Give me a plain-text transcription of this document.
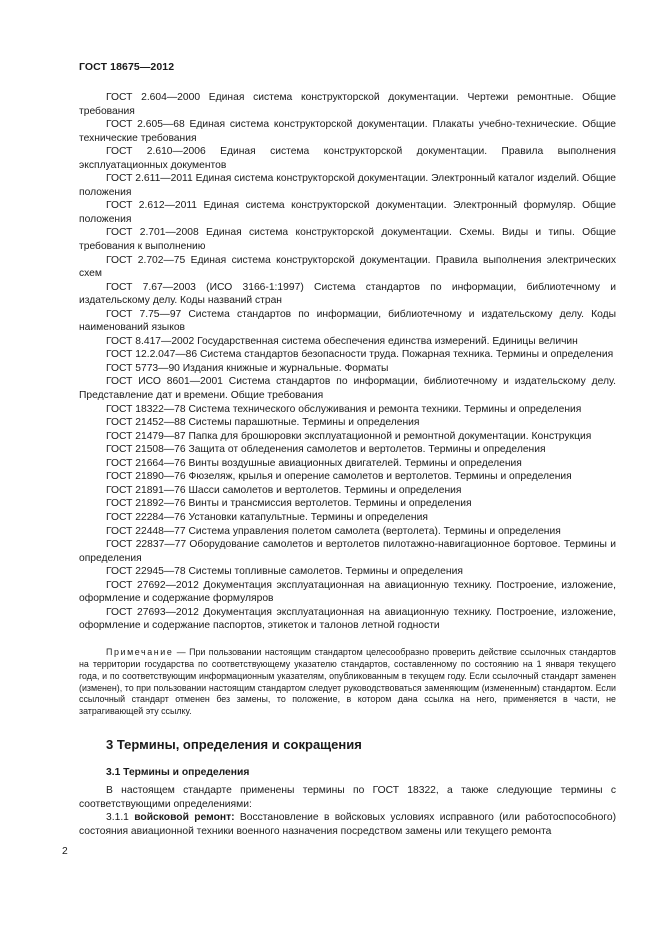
ГОСТ 18675—2012

ГОСТ 2.604—2000 Единая система конструкторской документации. Чертежи ремонтные. Общие требования

ГОСТ 2.605—68 Единая система конструкторской документации. Плакаты учебно-технические. Общие технические требования

ГОСТ 2.610—2006 Единая система конструкторской документации. Правила выполнения эксплуатационных документов

ГОСТ 2.611—2011 Единая система конструкторской документации. Электронный каталог изделий. Общие положения

ГОСТ 2.612—2011 Единая система конструкторской документации. Электронный формуляр. Общие положения

ГОСТ 2.701—2008 Единая система конструкторской документации. Схемы. Виды и типы. Общие требования к выполнению

ГОСТ 2.702—75 Единая система конструкторской документации. Правила выполнения электрических схем

ГОСТ 7.67—2003 (ИСО 3166-1:1997) Система стандартов по информации, библиотечному и издательскому делу. Коды названий стран

ГОСТ 7.75—97 Система стандартов по информации, библиотечному и издательскому делу. Коды наименований языков

ГОСТ 8.417—2002 Государственная система обеспечения единства измерений. Единицы величин

ГОСТ 12.2.047—86 Система стандартов безопасности труда. Пожарная техника. Термины и определения

ГОСТ 5773—90 Издания книжные и журнальные. Форматы

ГОСТ ИСО 8601—2001 Система стандартов по информации, библиотечному и издательскому делу. Представление дат и времени. Общие требования

ГОСТ 18322—78 Система технического обслуживания и ремонта техники. Термины и определения

ГОСТ 21452—88 Системы парашютные. Термины и определения

ГОСТ 21479—87 Папка для брошюровки эксплуатационной и ремонтной документации. Конструкция

ГОСТ 21508—76 Защита от обледенения самолетов и вертолетов. Термины и определения

ГОСТ 21664—76 Винты воздушные авиационных двигателей. Термины и определения

ГОСТ 21890—76 Фюзеляж, крылья и оперение самолетов и вертолетов. Термины и определения

ГОСТ 21891—76 Шасси самолетов и вертолетов. Термины и определения

ГОСТ 21892—76 Винты и трансмиссия вертолетов. Термины и определения

ГОСТ 22284—76 Установки катапультные. Термины и определения

ГОСТ 22448—77 Система управления полетом самолета (вертолета). Термины и определения

ГОСТ 22837—77 Оборудование самолетов и вертолетов пилотажно-навигационное бортовое. Термины и определения

ГОСТ 22945—78 Системы топливные самолетов. Термины и определения

ГОСТ 27692—2012 Документация эксплуатационная на авиационную технику. Построение, изложение, оформление и содержание формуляров

ГОСТ 27693—2012 Документация эксплуатационная на авиационную технику. Построение, изложение, оформление и содержание паспортов, этикеток и талонов летной годности

Примечание — При пользовании настоящим стандартом целесообразно проверить действие ссылочных стандартов на территории государства по соответствующему указателю стандартов, составленному по состоянию на 1 января текущего года, и по соответствующим информационным указателям, опубликованным в текущем году. Если ссылочный стандарт заменен (изменен), то при пользовании настоящим стандартом следует руководствоваться заменяющим (измененным) стандартом. Если ссылочный стандарт отменен без замены, то положение, в котором дана ссылка на него, применяется в части, не затрагивающей эту ссылку.

3 Термины, определения и сокращения
3.1 Термины и определения

В настоящем стандарте применены термины по ГОСТ 18322, а также следующие термины с соответствующими определениями:

3.1.1 войсковой ремонт: Восстановление в войсковых условиях исправного (или работоспособного) состояния авиационной техники военного назначения посредством замены или текущего ремонта

2
